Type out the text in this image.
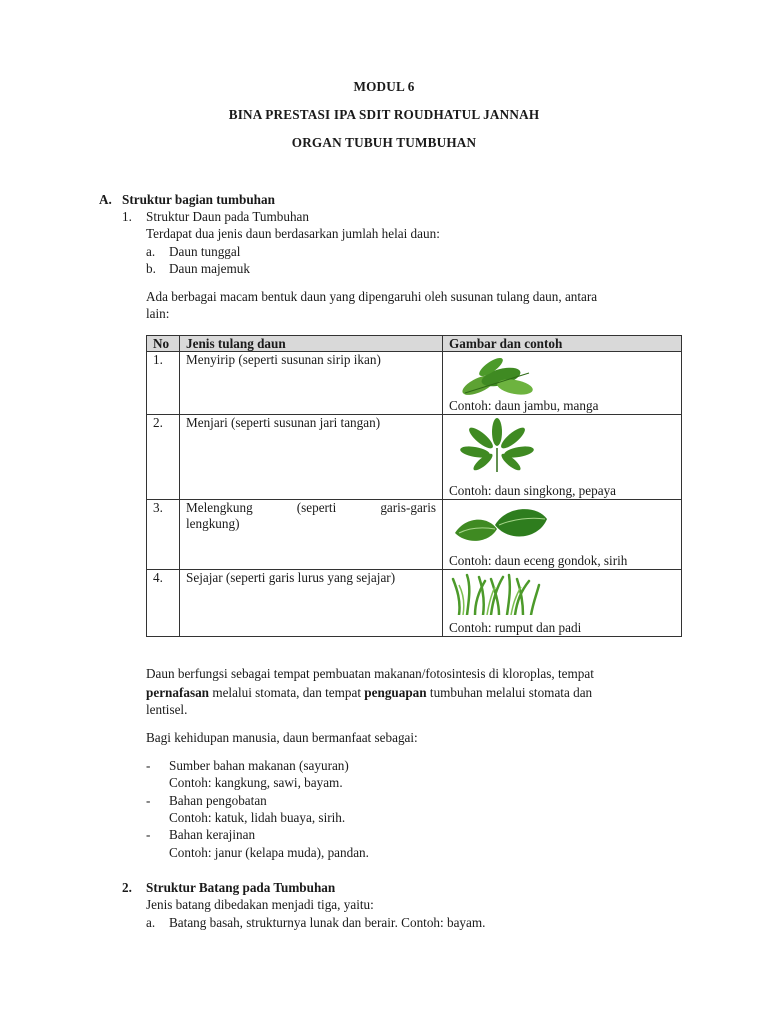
MODUL 6
BINA PRESTASI IPA SDIT ROUDHATUL JANNAH
ORGAN TUBUH TUMBUHAN
A. Struktur bagian tumbuhan
1. Struktur Daun pada Tumbuhan
Terdapat dua jenis daun berdasarkan jumlah helai daun:
a. Daun tunggal
b. Daun majemuk
Ada berbagai macam bentuk daun yang dipengaruhi oleh susunan tulang daun, antara
lain:
No	Jenis tulang daun	Gambar dan contoh
1.	Menyirip (seperti susunan sirip ikan)	Contoh: daun jambu, manga

2.	Menjari (seperti susunan jari tangan)	Contoh: daun singkong, pepaya

3.	Melengkung (seperti garis-garis
lengkung)	Contoh: daun eceng gondok, sirih

4.	Sejajar (seperti garis lurus yang sejajar)	Contoh: rumput dan padi
Daun berfungsi sebagai tempat pembuatan makanan/fotosintesis di kloroplas, tempat
pernafasan melalui stomata, dan tempat penguapan tumbuhan melalui stomata dan
lentisel.
Bagi kehidupan manusia, daun bermanfaat sebagai:
- Sumber bahan makanan (sayuran)
Contoh: kangkung, sawi, bayam.
- Bahan pengobatan
Contoh: katuk, lidah buaya, sirih.
- Bahan kerajinan
Contoh: janur (kelapa muda), pandan.
2. Struktur Batang pada Tumbuhan
Jenis batang dibedakan menjadi tiga, yaitu:
a. Batang basah, strukturnya lunak dan berair. Contoh: bayam.
